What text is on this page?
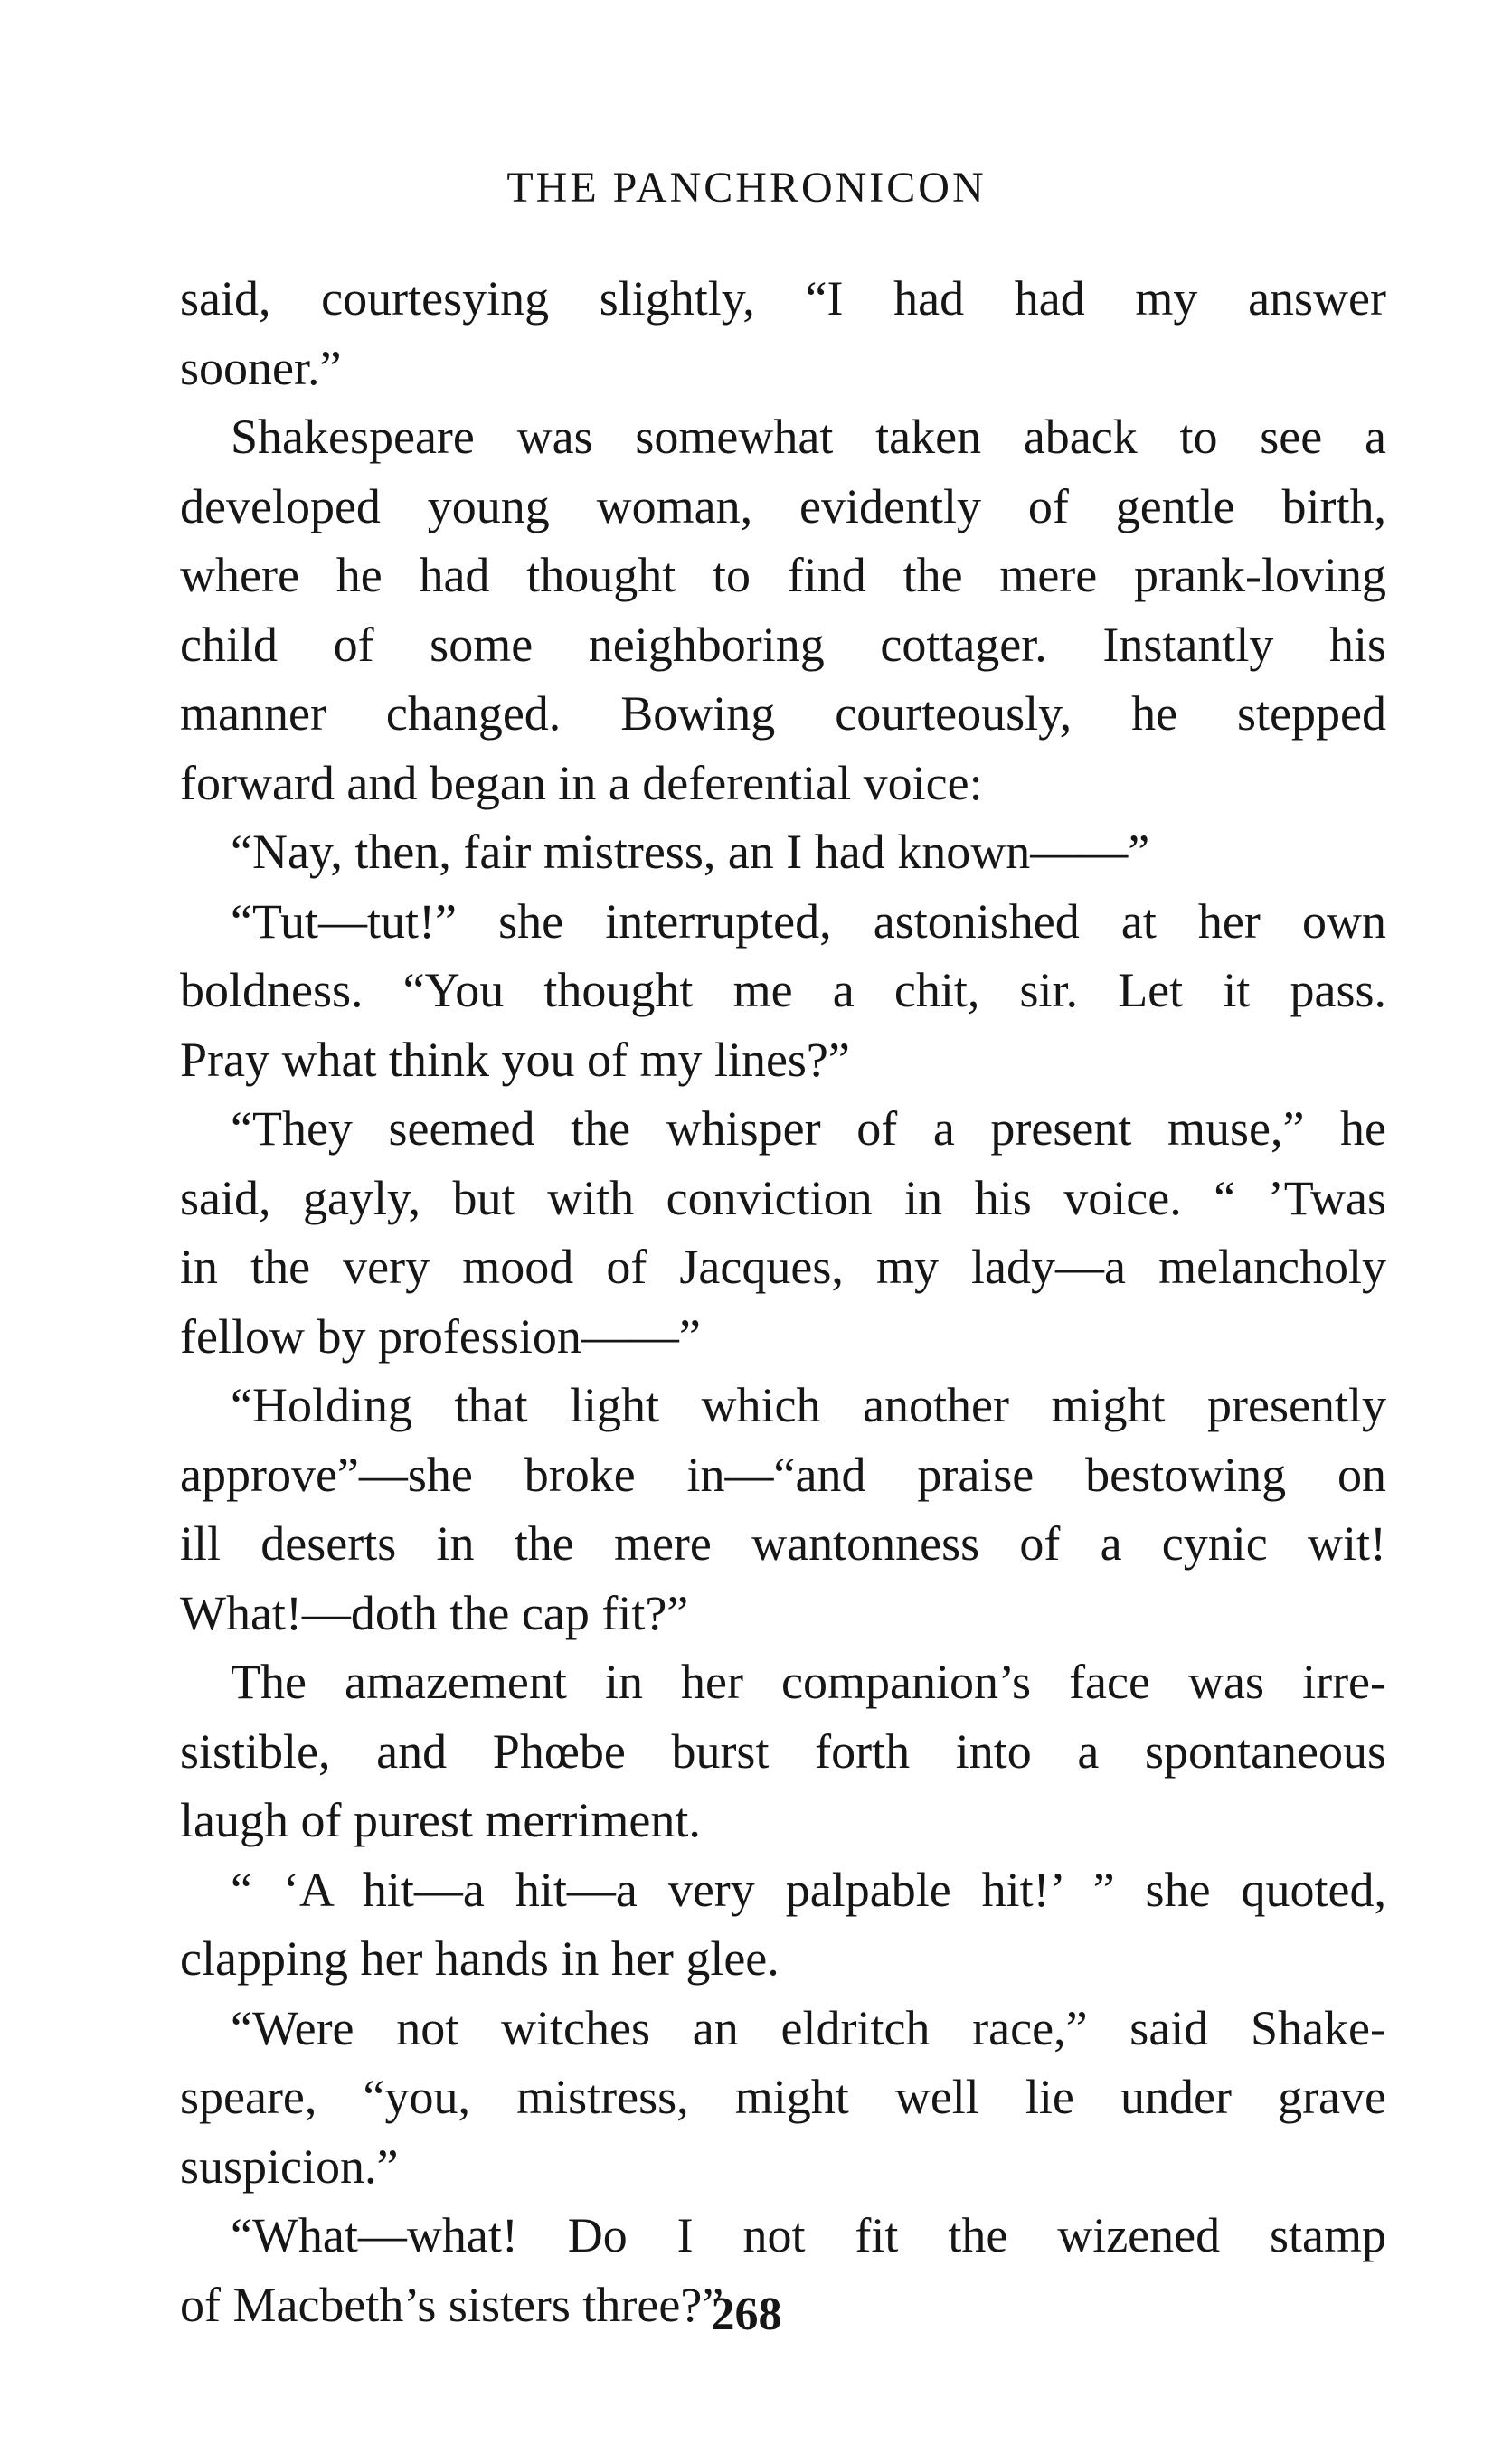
THE PANCHRONICON
said, courtesying slightly, “I had had my answer
sooner.”
Shakespeare was somewhat taken aback to see a
developed young woman, evidently of gentle birth,
where he had thought to find the mere prank-loving
child of some neighboring cottager. Instantly his
manner changed. Bowing courteously, he stepped
forward and began in a deferential voice:
“Nay, then, fair mistress, an I had known——”
“Tut—tut!” she interrupted, astonished at her own
boldness. “You thought me a chit, sir. Let it pass.
Pray what think you of my lines?”
“They seemed the whisper of a present muse,” he
said, gayly, but with conviction in his voice. “ ’Twas
in the very mood of Jacques, my lady—a melancholy
fellow by profession——”
“Holding that light which another might presently
approve”—she broke in—“and praise bestowing on
ill deserts in the mere wantonness of a cynic wit!
What!—doth the cap fit?”
The amazement in her companion’s face was irre-
sistible, and Phœbe burst forth into a spontaneous
laugh of purest merriment.
“ ‘A hit—a hit—a very palpable hit!’ ” she quoted,
clapping her hands in her glee.
“Were not witches an eldritch race,” said Shake-
speare, “you, mistress, might well lie under grave
suspicion.”
“What—what! Do I not fit the wizened stamp
of Macbeth’s sisters three?”
268
